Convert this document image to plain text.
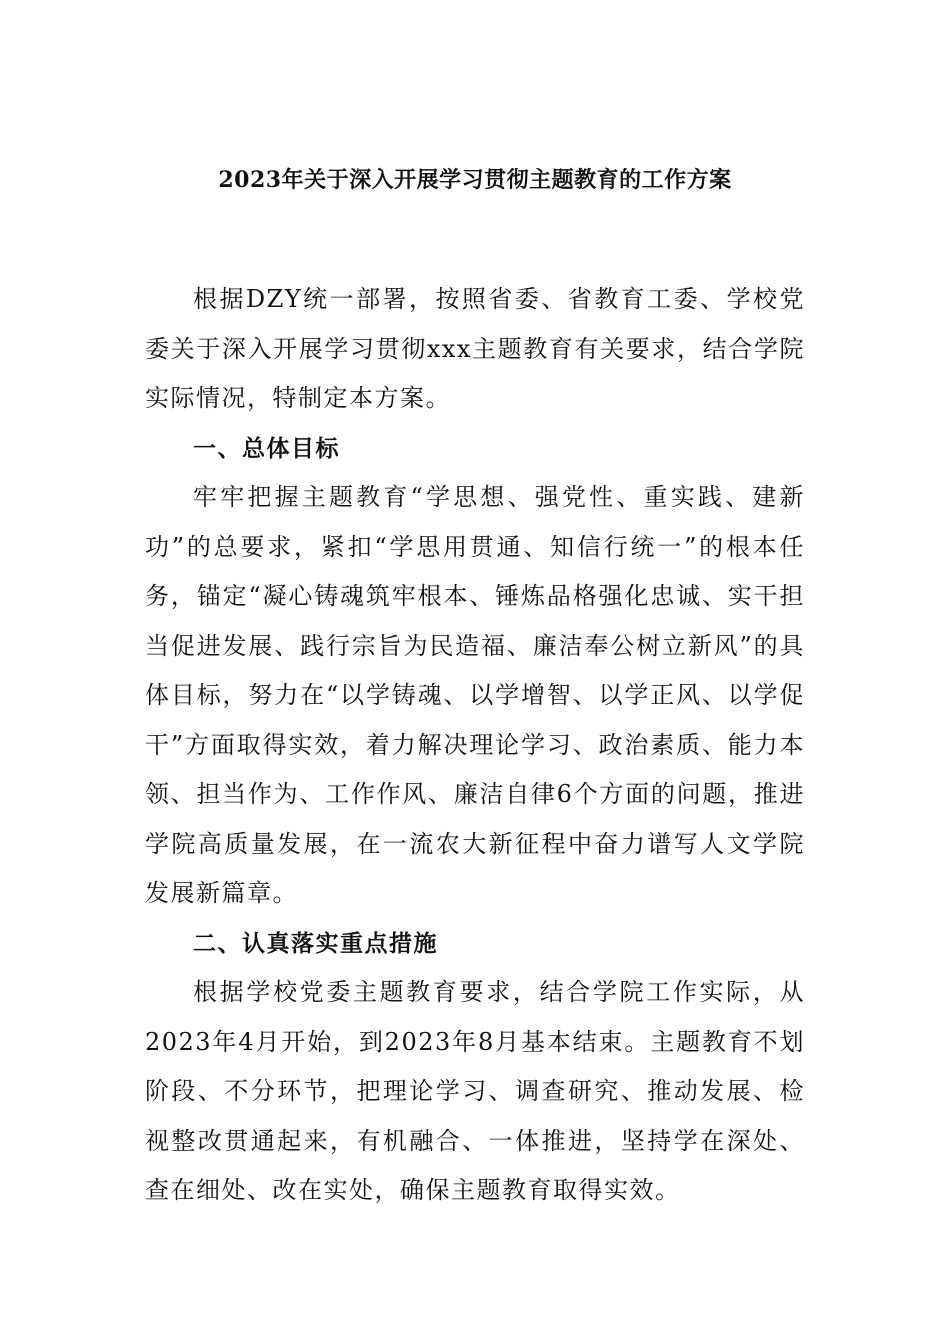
2023年关于深入开展学习贯彻主题教育的工作方案

根据DZY统一部署，按照省委、省教育工委、学校党委关于深入开展学习贯彻xxx主题教育有关要求，结合学院实际情况，特制定本方案。

一、总体目标

牢牢把握主题教育“学思想、强党性、重实践、建新功”的总要求，紧扣“学思用贯通、知信行统一”的根本任务，锚定“凝心铸魂筑牢根本、锤炼品格强化忠诚、实干担当促进发展、践行宗旨为民造福、廉洁奉公树立新风”的具体目标，努力在“以学铸魂、以学增智、以学正风、以学促干”方面取得实效，着力解决理论学习、政治素质、能力本领、担当作为、工作作风、廉洁自律6个方面的问题，推进学院高质量发展，在一流农大新征程中奋力谱写人文学院发展新篇章。

二、认真落实重点措施

根据学校党委主题教育要求，结合学院工作实际，从2023年4月开始，到2023年8月基本结束。主题教育不划阶段、不分环节，把理论学习、调查研究、推动发展、检视整改贯通起来，有机融合、一体推进，坚持学在深处、查在细处、改在实处，确保主题教育取得实效。
